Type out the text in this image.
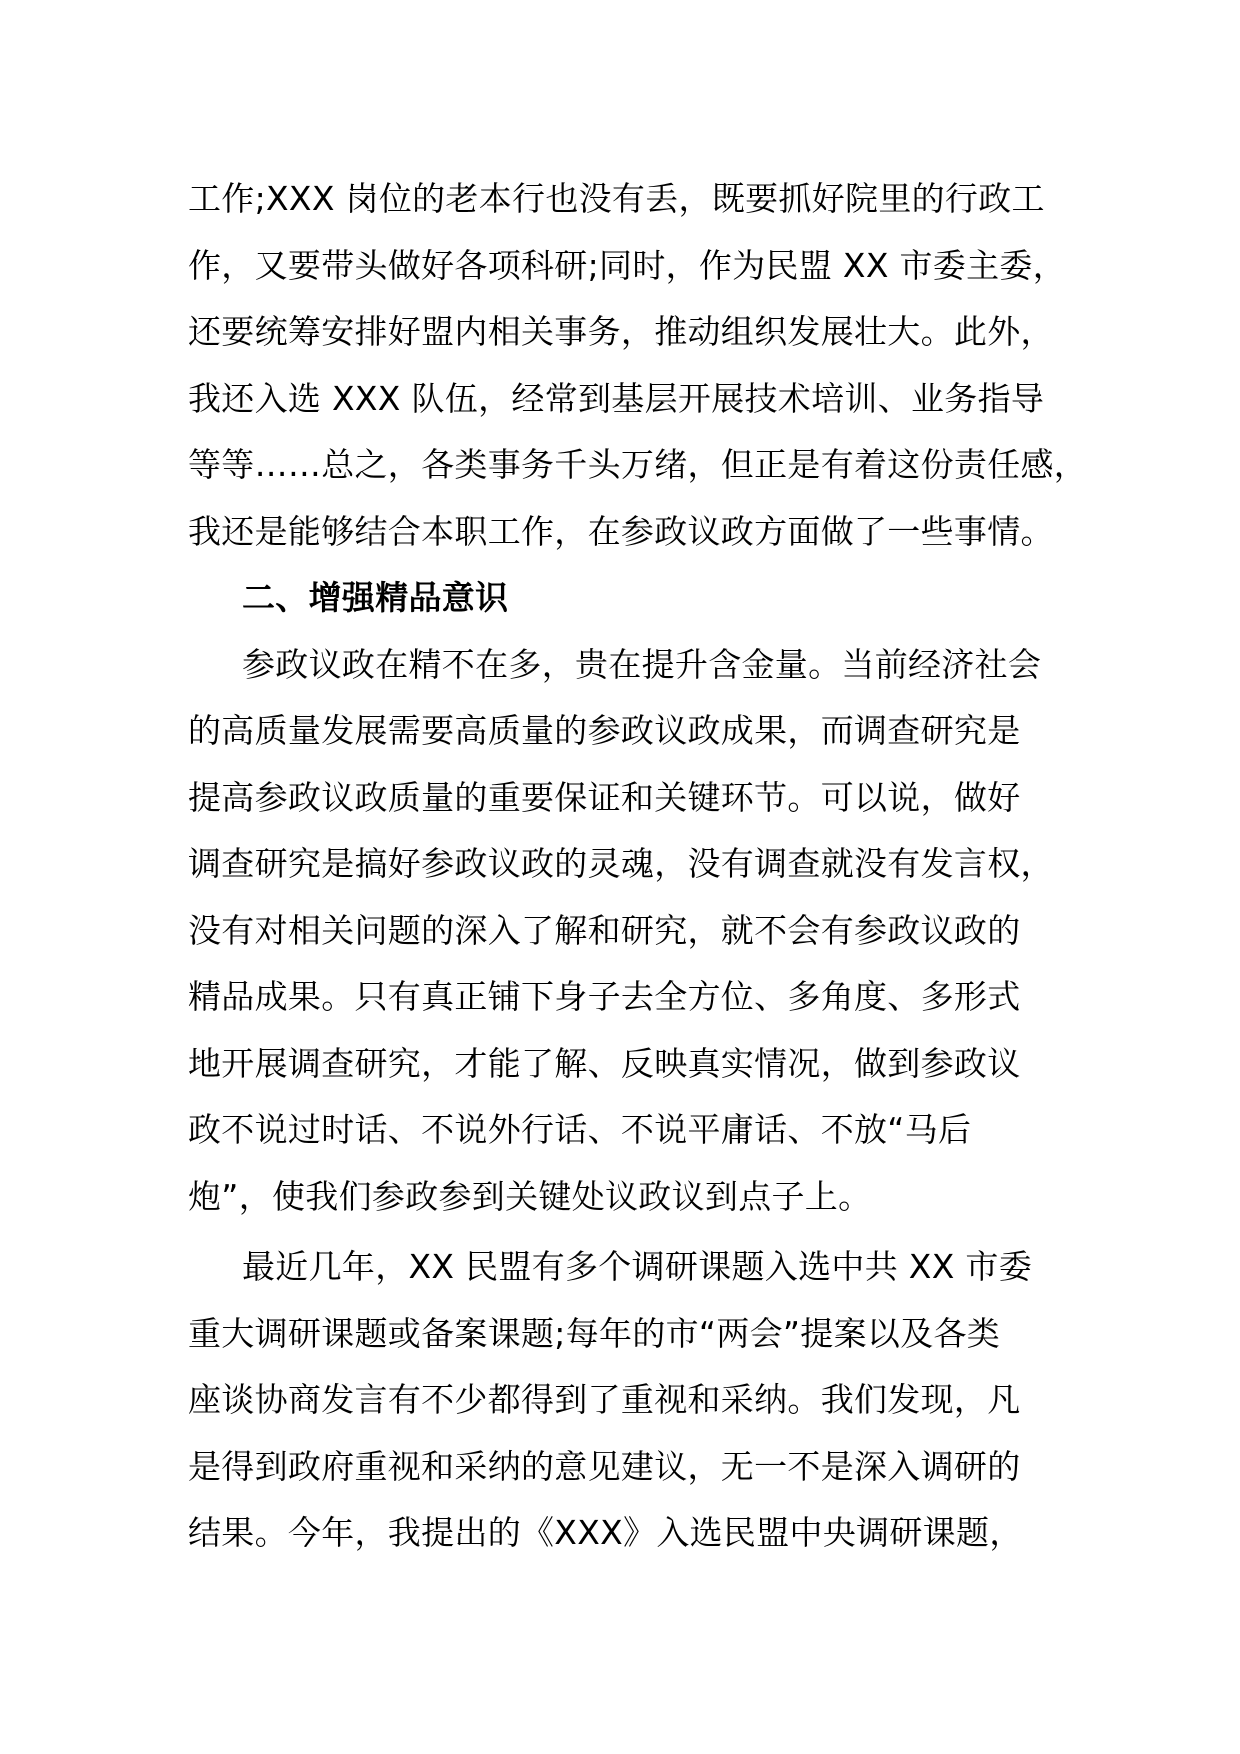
工作;XXX 岗位的老本行也没有丢，既要抓好院里的行政工
作，又要带头做好各项科研;同时，作为民盟 XX 市委主委，
还要统筹安排好盟内相关事务，推动组织发展壮大。此外，
我还入选 XXX 队伍，经常到基层开展技术培训、业务指导
等等……总之，各类事务千头万绪，但正是有着这份责任感，
我还是能够结合本职工作，在参政议政方面做了一些事情。
二、增强精品意识
参政议政在精不在多，贵在提升含金量。当前经济社会
的高质量发展需要高质量的参政议政成果，而调查研究是
提高参政议政质量的重要保证和关键环节。可以说，做好
调查研究是搞好参政议政的灵魂，没有调查就没有发言权，
没有对相关问题的深入了解和研究，就不会有参政议政的
精品成果。只有真正铺下身子去全方位、多角度、多形式
地开展调查研究，才能了解、反映真实情况，做到参政议
政不说过时话、不说外行话、不说平庸话、不放“马后
炮”，使我们参政参到关键处议政议到点子上。
最近几年，XX 民盟有多个调研课题入选中共 XX 市委
重大调研课题或备案课题;每年的市“两会”提案以及各类
座谈协商发言有不少都得到了重视和采纳。我们发现，凡
是得到政府重视和采纳的意见建议，无一不是深入调研的
结果。今年，我提出的《XXX》入选民盟中央调研课题，
